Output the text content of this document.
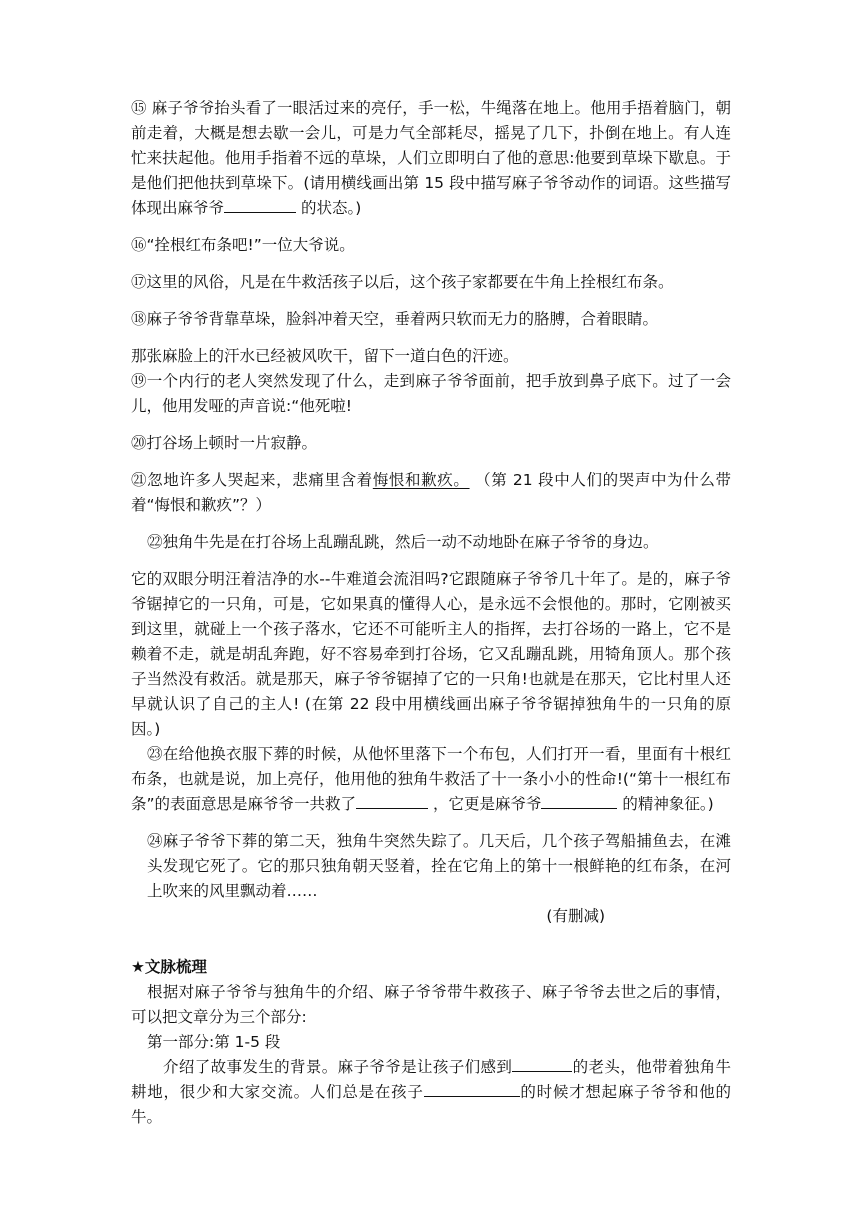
⑮ 麻子爷爷抬头看了一眼活过来的亮仔，手一松，牛绳落在地上。他用手捂着脑门，朝前走着，大概是想去歇一会儿，可是力气全部耗尽，摇晃了几下，扑倒在地上。有人连忙来扶起他。他用手指着不远的草垛，人们立即明白了他的意思:他要到草垛下歇息。于是他们把他扶到草垛下。(请用横线画出第 15 段中描写麻子爷爷动作的词语。这些描写体现出麻爷爷	的状态。)

⑯“拴根红布条吧!”一位大爷说。

⑰这里的风俗，凡是在牛救活孩子以后，这个孩子家都要在牛角上拴根红布条。

⑱麻子爷爷背靠草垛，脸斜冲着天空，垂着两只软而无力的胳膊，合着眼睛。

那张麻脸上的汗水已经被风吹干，留下一道白色的汗迹。

⑲一个内行的老人突然发现了什么，走到麻子爷爷面前，把手放到鼻子底下。过了一会儿，他用发哑的声音说:“他死啦!

⑳打谷场上顿时一片寂静。

㉑忽地许多人哭起来，悲痛里含着悔恨和歉疚。 （第 21 段中人们的哭声中为什么带着“悔恨和歉疚”？）

㉒独角牛先是在打谷场上乱蹦乱跳，然后一动不动地卧在麻子爷爷的身边。

它的双眼分明汪着洁净的水--牛难道会流泪吗?它跟随麻子爷爷几十年了。是的，麻子爷爷锯掉它的一只角，可是，它如果真的懂得人心，是永远不会恨他的。那时，它刚被买到这里，就碰上一个孩子落水，它还不可能听主人的指挥，去打谷场的一路上，它不是赖着不走，就是胡乱奔跑，好不容易牵到打谷场，它又乱蹦乱跳，用犄角顶人。那个孩子当然没有救活。就是那天，麻子爷爷锯掉了它的一只角!也就是在那天，它比村里人还早就认识了自己的主人! (在第 22 段中用横线画出麻子爷爷锯掉独角牛的一只角的原因。)

㉓在给他换衣服下葬的时候，从他怀里落下一个布包，人们打开一看，里面有十根红布条，也就是说，加上亮仔，他用他的独角牛救活了十一条小小的性命!(“第十一根红布条”的表面意思是麻爷爷一共救了	，它更是麻爷爷	的精神象征。)

㉔麻子爷爷下葬的第二天，独角牛突然失踪了。几天后，几个孩子驾船捕鱼去，在滩头发现它死了。它的那只独角朝天竖着，拴在它角上的第十一根鲜艳的红布条，在河上吹来的风里飘动着……

(有删减)

★文脉梳理

根据对麻子爷爷与独角牛的介绍、麻子爷爷带牛救孩子、麻子爷爷去世之后的事情，可以把文章分为三个部分:

第一部分:第 1-5 段

介绍了故事发生的背景。麻子爷爷是让孩子们感到	的老头，他带着独角牛耕地，很少和大家交流。人们总是在孩子	的时候才想起麻子爷爷和他的牛。
